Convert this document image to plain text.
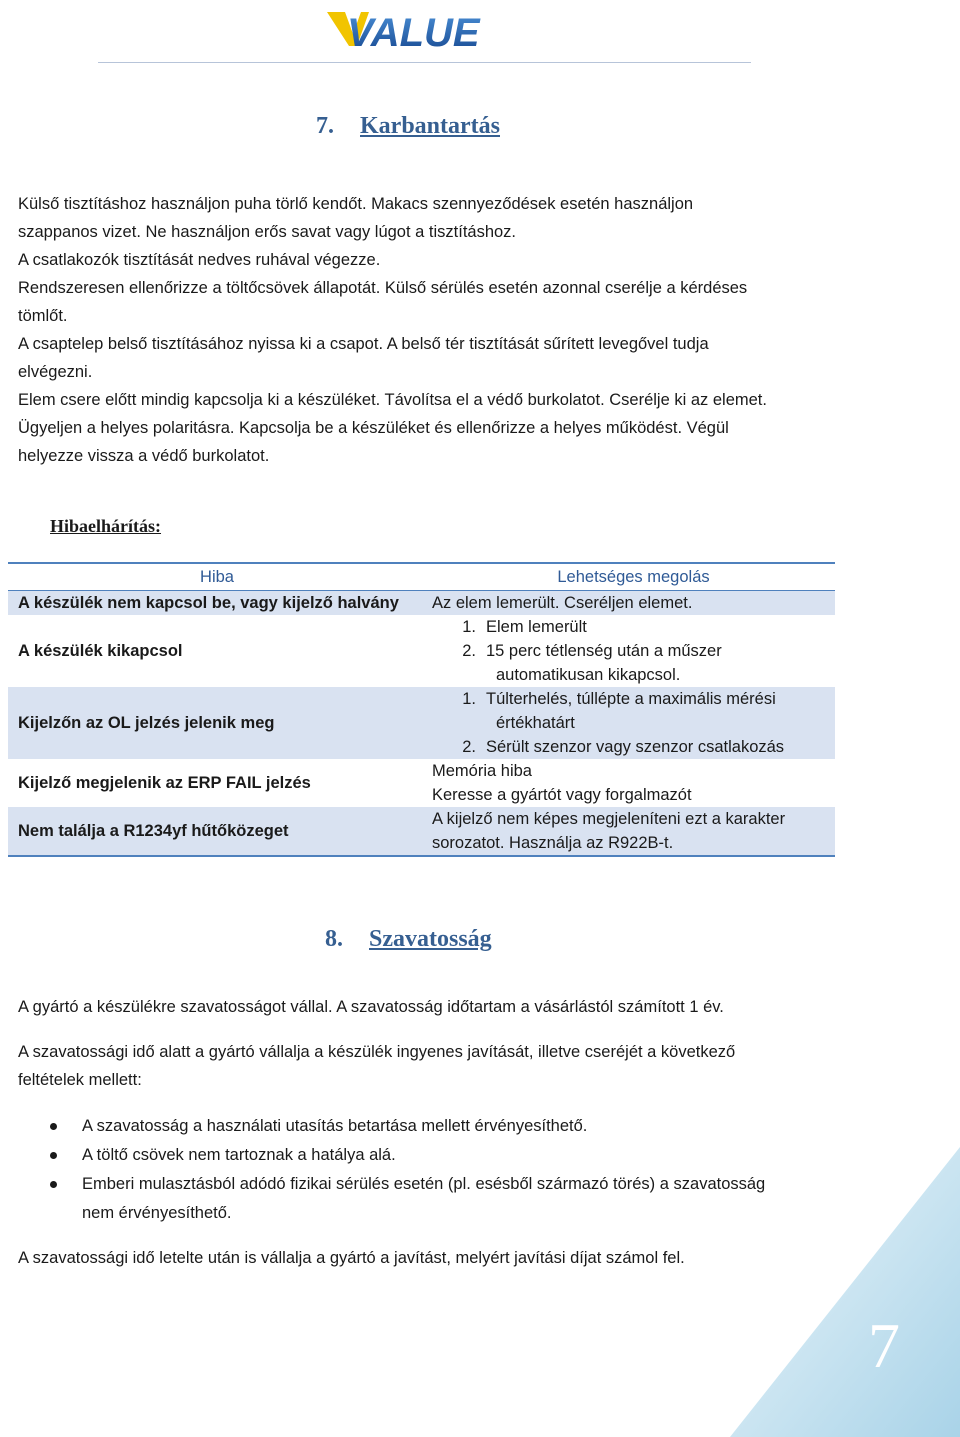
VALUE
7. Karbantartás
Külső tisztításhoz használjon puha törlő kendőt. Makacs szennyeződések esetén használjon
szappanos vizet. Ne használjon erős savat vagy lúgot a tisztításhoz.
A csatlakozók tisztítását nedves ruhával végezze.
Rendszeresen ellenőrizze a töltőcsövek állapotát. Külső sérülés esetén azonnal cserélje a kérdéses
tömlőt.
A csaptelep belső tisztításához nyissa ki a csapot. A belső tér tisztítását sűrített levegővel tudja
elvégezni.
Elem csere előtt mindig kapcsolja ki a készüléket. Távolítsa el a védő burkolatot. Cserélje ki az elemet.
Ügyeljen a helyes polaritásra. Kapcsolja be a készüléket és ellenőrizze a helyes működést. Végül
helyezze vissza a védő burkolatot.
Hibaelhárítás:
Hiba	Lehetséges megolás
A készülék nem kapcsol be, vagy kijelző halvány	Az elem lemerült. Cseréljen elemet.
A készülék kikapcsol
1. Elem lemerült
2. 15 perc tétlenség után a műszer
automatikusan kikapcsol.
Kijelzőn az OL jelzés jelenik meg
1. Túlterhelés, túllépte a maximális mérési
értékhatárt
2. Sérült szenzor vagy szenzor csatlakozás
Kijelző megjelenik az ERP FAIL jelzés
Memória hiba
Keresse a gyártót vagy forgalmazót
Nem találja a R1234yf hűtőközeget
A kijelző nem képes megjeleníteni ezt a karakter
sorozatot. Használja az R922B-t.
8. Szavatosság
A gyártó a készülékre szavatosságot vállal. A szavatosság időtartam a vásárlástól számított 1 év.
A szavatossági idő alatt a gyártó vállalja a készülék ingyenes javítását, illetve cseréjét a következő
feltételek mellett:
A szavatosság a használati utasítás betartása mellett érvényesíthető.
A töltő csövek nem tartoznak a hatálya alá.
Emberi mulasztásból adódó fizikai sérülés esetén (pl. esésből származó törés) a szavatosság
nem érvényesíthető.
A szavatossági idő letelte után is vállalja a gyártó a javítást, melyért javítási díjat számol fel.
7
